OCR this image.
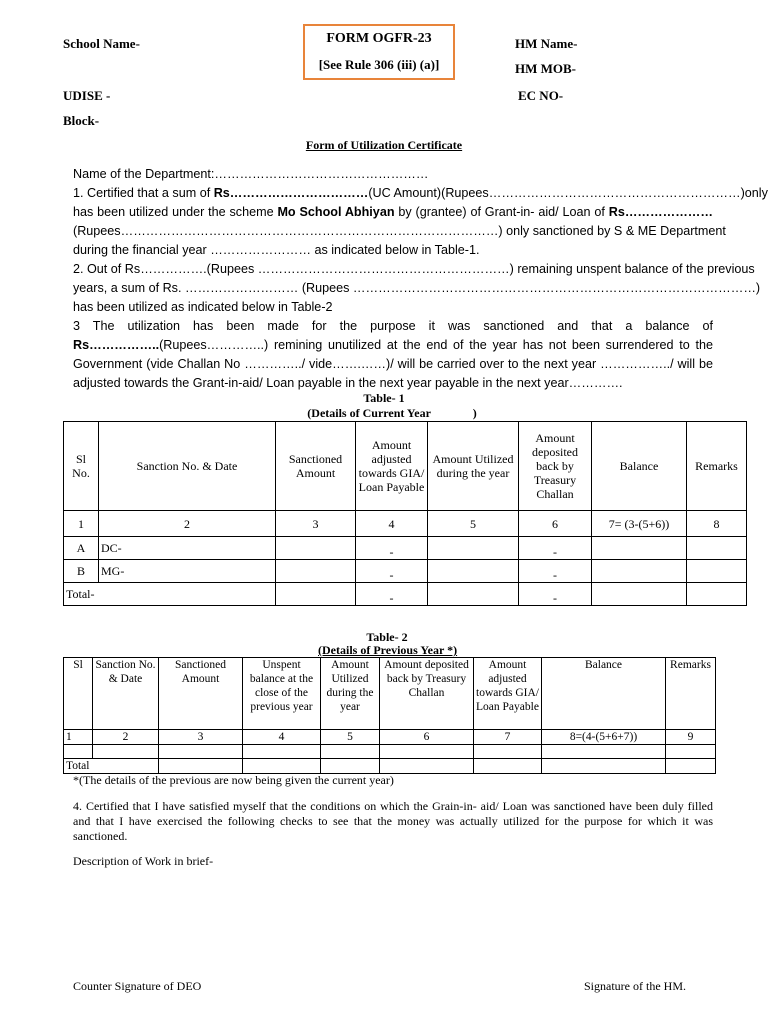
School Name-
UDISE -
Block-
FORM OGFR-23
[See Rule 306 (iii) (a)]
HM Name-
HM MOB-
EC NO-
Form of Utilization Certificate
Name of the Department:……………………………………………
1. Certified that a sum of Rs……………………………(UC Amount)(Rupees……………………………………………………)only
has been utilized under the scheme Mo School Abhiyan by (grantee) of Grant-in- aid/ Loan of Rs…………………
(Rupees………………………………………………………………………………) only sanctioned by S & ME Department
during the financial year …………………… as indicated below in Table-1.
2. Out of Rs…………….(Rupees ……………………………………………………) remaining unspent balance of the previous
years, a sum of Rs. ……………………… (Rupees ……………………………………………………………………………………)
has been utilized as indicated below in Table-2
3 The utilization has been made for the purpose it was sanctioned and that a balance of
Rs……………..(Rupees…………..) remining unutilized at the end of the year has not been surrendered to the
Government (vide Challan No …………../ vide…….……)/ will be carried over to the next year ……………../ will be
adjusted towards the Grant-in-aid/ Loan payable in the next year payable in the next year………….
Table- 1
(Details of Current Year              )
Sl No.	Sanction No. & Date	Sanctioned Amount	Amount adjusted towards GIA/ Loan Payable	Amount Utilized during the year	Amount deposited back by Treasury Challan	Balance	Remarks
1	2	3	4	5	6	7= (3-(5+6))	8
A	DC-		-		-		
B	MG-		-		-		
Total-			-		-		
Table- 2
(Details of Previous Year *)
Sl	Sanction No. & Date	Sanctioned Amount	Unspent balance at the close of the previous year	Amount Utilized during the year	Amount deposited back by Treasury Challan	Amount adjusted towards GIA/ Loan Payable	Balance	Remarks
1	2	3	4	5	6	7	8=(4-(5+6+7))	9

Total								
*(The details of the previous are now being given the current year)
4. Certified that I have satisfied myself that the conditions on which the Grain-in- aid/ Loan was sanctioned have been duly filled and that I have exercised the following checks to see that the money was actually utilized for the purpose for which it was sanctioned.
Description of Work in brief-
Counter Signature of DEO	Signature of the HM.
